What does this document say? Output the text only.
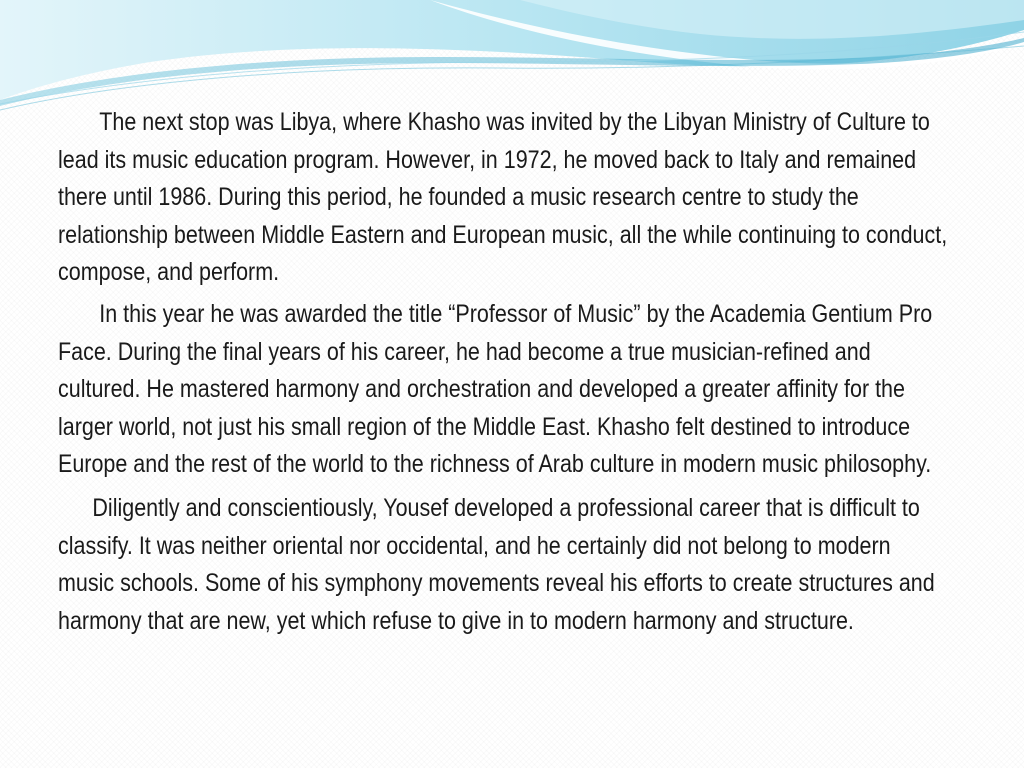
The next stop was Libya, where Khasho was invited by the Libyan Ministry of Culture to lead its music education program. However, in 1972, he moved back to Italy and remained there until 1986. During this period, he founded a music research centre to study the relationship between Middle Eastern and European music, all the while continuing to conduct, compose, and perform.

In this year he was awarded the title “Professor of Music” by the Academia Gentium Pro Face. During the final years of his career, he had become a true musician-refined and cultured. He mastered harmony and orchestration and developed a greater affinity for the larger world, not just his small region of the Middle East. Khasho felt destined to introduce Europe and the rest of the world to the richness of Arab culture in modern music philosophy.

Diligently and conscientiously, Yousef developed a professional career that is difficult to classify. It was neither oriental nor occidental, and he certainly did not belong to modern music schools. Some of his symphony movements reveal his efforts to create structures and harmony that are new, yet which refuse to give in to modern harmony and structure.
